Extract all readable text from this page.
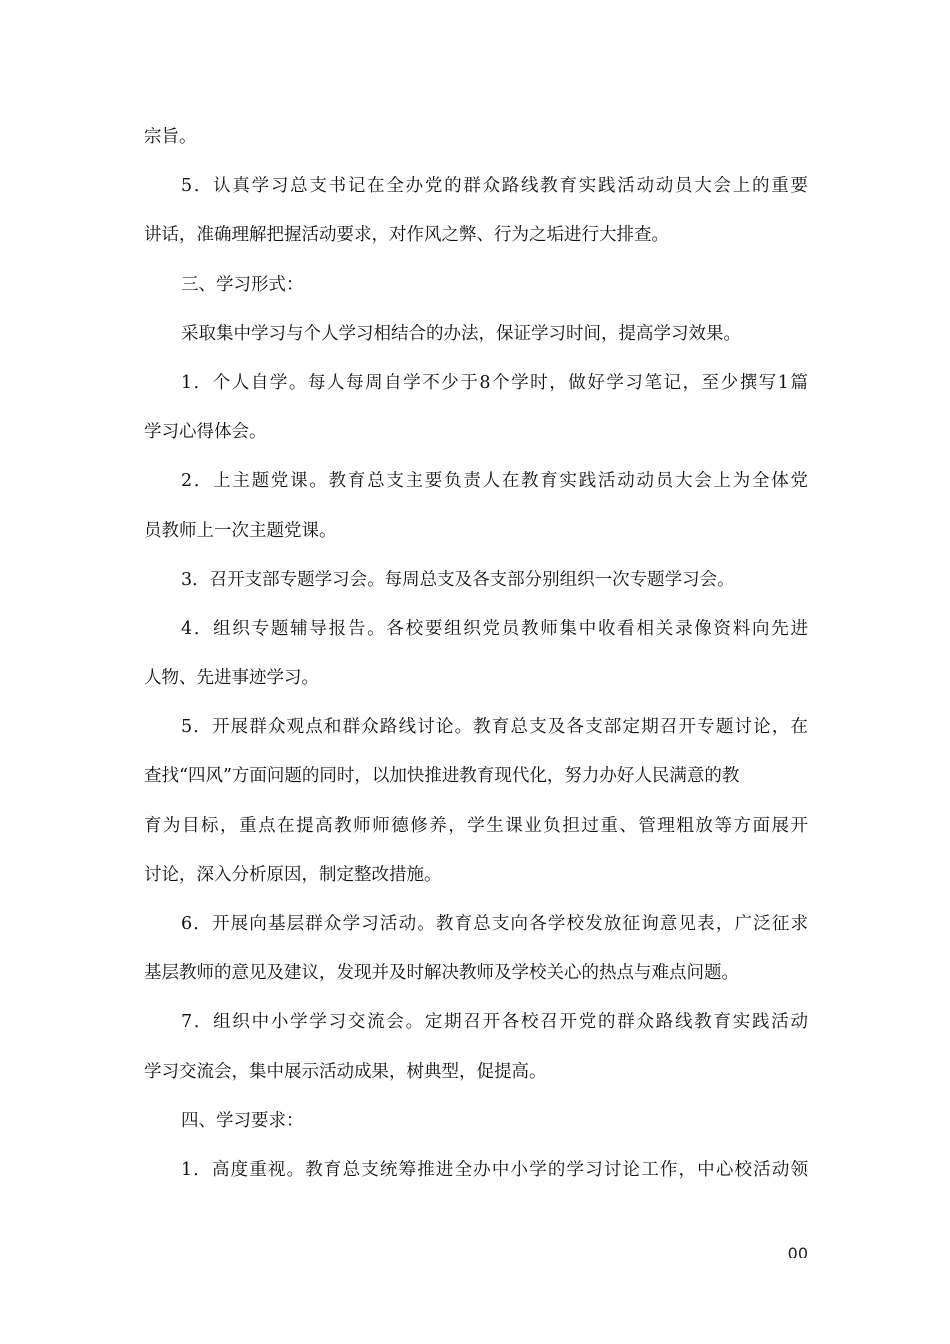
宗旨。
5．认真学习总支书记在全办党的群众路线教育实践活动动员大会上的重要
讲话，准确理解把握活动要求，对作风之弊、行为之垢进行大排查。
三、学习形式：
采取集中学习与个人学习相结合的办法，保证学习时间，提高学习效果。
1．个人自学。每人每周自学不少于8个学时，做好学习笔记，至少撰写1篇
学习心得体会。
2．上主题党课。教育总支主要负责人在教育实践活动动员大会上为全体党
员教师上一次主题党课。
3．召开支部专题学习会。每周总支及各支部分别组织一次专题学习会。
4．组织专题辅导报告。各校要组织党员教师集中收看相关录像资料向先进
人物、先进事迹学习。
5．开展群众观点和群众路线讨论。教育总支及各支部定期召开专题讨论，在
查找“四风”方面问题的同时，以加快推进教育现代化，努力办好人民满意的教
育为目标，重点在提高教师师德修养，学生课业负担过重、管理粗放等方面展开
讨论，深入分析原因，制定整改措施。
6．开展向基层群众学习活动。教育总支向各学校发放征询意见表，广泛征求
基层教师的意见及建议，发现并及时解决教师及学校关心的热点与难点问题。
7．组织中小学学习交流会。定期召开各校召开党的群众路线教育实践活动
学习交流会，集中展示活动成果，树典型，促提高。
四、学习要求：
1．高度重视。教育总支统筹推进全办中小学的学习讨论工作，中心校活动领
00
